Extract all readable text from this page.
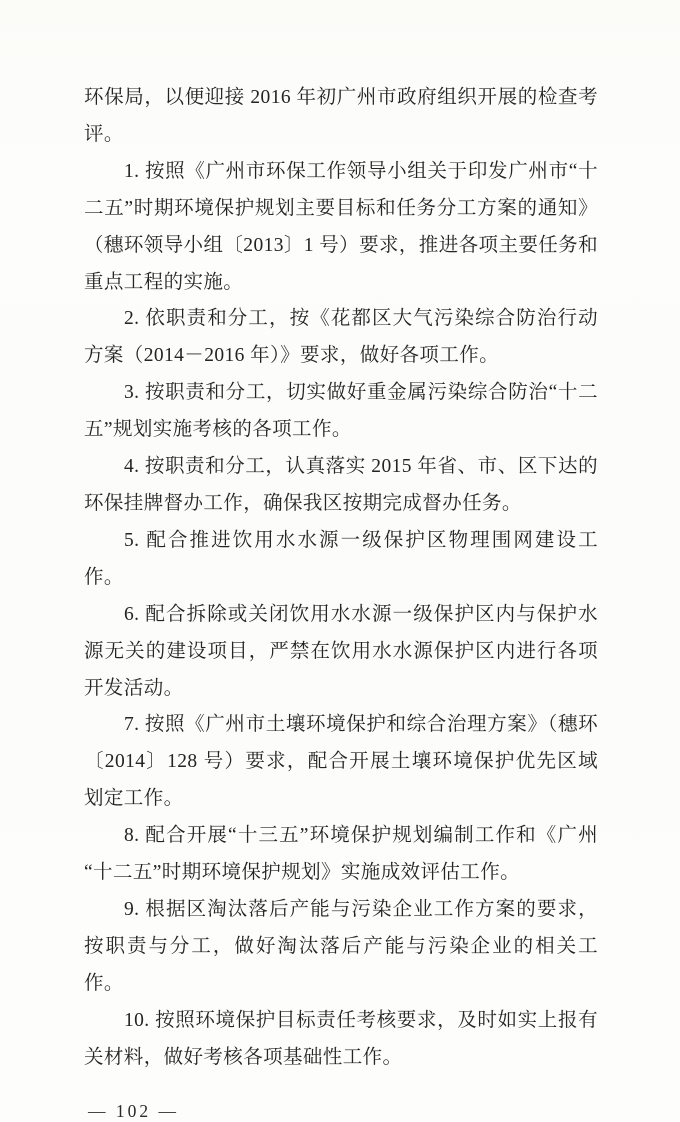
环保局，以便迎接 2016 年初广州市政府组织开展的检查考评。

1. 按照《广州市环保工作领导小组关于印发广州市“十二五”时期环境保护规划主要目标和任务分工方案的通知》（穗环领导小组〔2013〕1 号）要求，推进各项主要任务和重点工程的实施。

2. 依职责和分工，按《花都区大气污染综合防治行动方案（2014－2016 年）》要求，做好各项工作。

3. 按职责和分工，切实做好重金属污染综合防治“十二五”规划实施考核的各项工作。

4. 按职责和分工，认真落实 2015 年省、市、区下达的环保挂牌督办工作，确保我区按期完成督办任务。

5. 配合推进饮用水水源一级保护区物理围网建设工作。

6. 配合拆除或关闭饮用水水源一级保护区内与保护水源无关的建设项目，严禁在饮用水水源保护区内进行各项开发活动。

7. 按照《广州市土壤环境保护和综合治理方案》（穗环〔2014〕128 号）要求，配合开展土壤环境保护优先区域划定工作。

8. 配合开展“十三五”环境保护规划编制工作和《广州“十二五”时期环境保护规划》实施成效评估工作。

9. 根据区淘汰落后产能与污染企业工作方案的要求，按职责与分工，做好淘汰落后产能与污染企业的相关工作。

10. 按照环境保护目标责任考核要求，及时如实上报有关材料，做好考核各项基础性工作。

— 102 —
